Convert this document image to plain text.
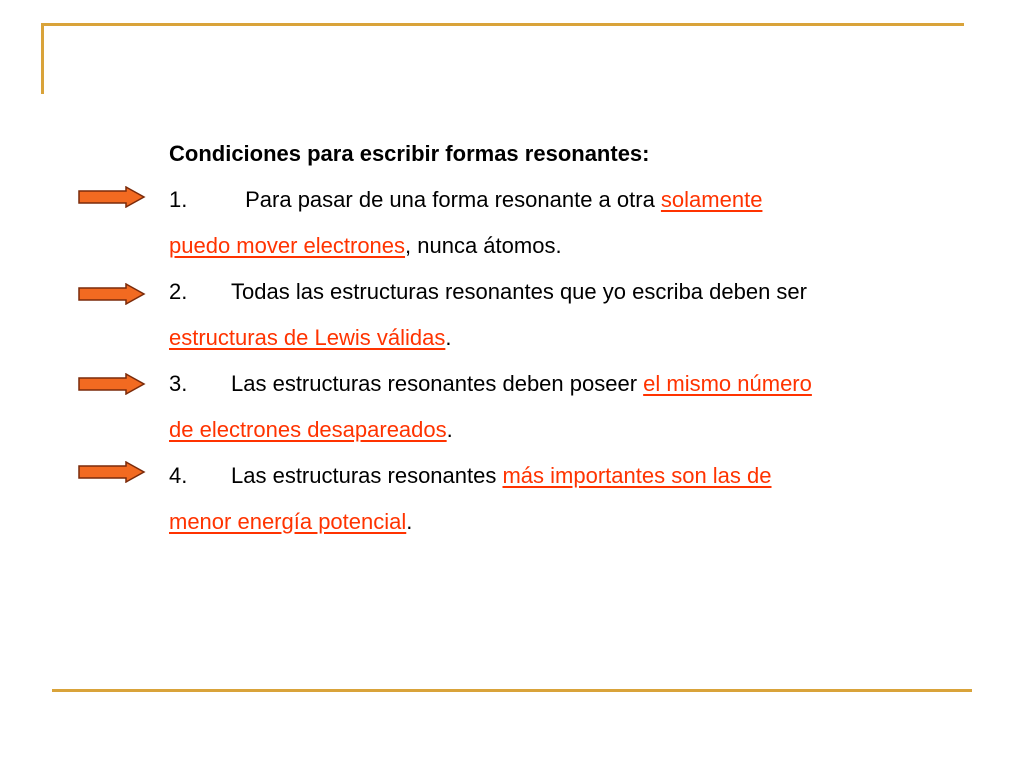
Condiciones para escribir formas resonantes:
1. Para pasar de una forma resonante a otra solamente
puedo mover electrones, nunca átomos.
2. Todas las estructuras resonantes que yo escriba deben ser
estructuras de Lewis válidas.
3. Las estructuras resonantes deben poseer el mismo número
de electrones desapareados.
4. Las estructuras resonantes más importantes son las de
menor energía potencial.
